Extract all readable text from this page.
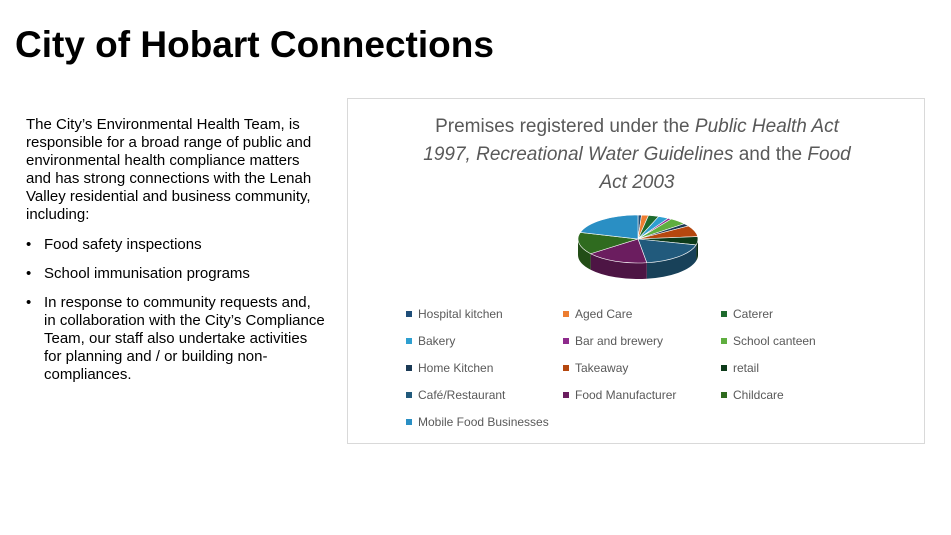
City of Hobart Connections

The City’s Environmental Health Team, is responsible for a broad range of public and environmental health compliance matters and has strong connections with the Lenah Valley residential and business community, including:

• Food safety inspections
• School immunisation programs
• In response to community requests and, in collaboration with the City’s Compliance Team, our staff also undertake activities for planning and / or building non-compliances.
Premises registered under the Public Health Act
1997, Recreational Water Guidelines and the Food
Act 2003
Hospital kitchen	Aged Care	Caterer
Bakery	Bar and brewery	School canteen
Home Kitchen	Takeaway	retail
Café/Restaurant	Food Manufacturer	Childcare
Mobile Food Businesses
